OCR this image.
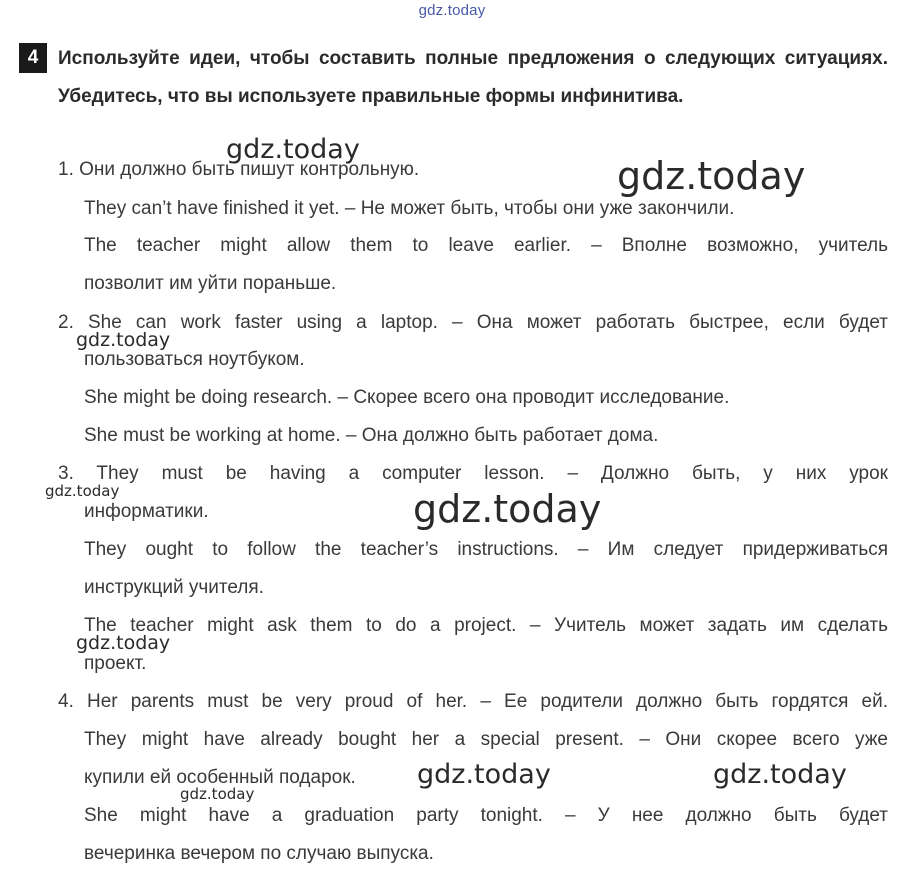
gdz.today
4	Используйте идеи, чтобы составить полные предложения о следующих ситуациях. Убедитесь, что вы используете правильные формы инфинитива.
1. Они должно быть пишут контрольную.
They can’t have finished it yet. – Не может быть, чтобы они уже закончили.
The teacher might allow them to leave earlier. – Вполне возможно, учитель
позволит им уйти пораньше.
2. She can work faster using a laptop. – Она может работать быстрее, если будет
пользоваться ноутбуком.
She might be doing research. – Скорее всего она проводит исследование.
She must be working at home. – Она должно быть работает дома.
3. They must be having a computer lesson. – Должно быть, у них урок
информатики.
They ought to follow the teacher’s instructions. – Им следует придерживаться
инструкций учителя.
The teacher might ask them to do a project. – Учитель может задать им сделать
проект.
4. Her parents must be very proud of her. – Ее родители должно быть гордятся ей.
They might have already bought her a special present. – Они скорее всего уже
купили ей особенный подарок.
She might have a graduation party tonight. – У нее должно быть будет
вечеринка вечером по случаю выпуска.
gdz.today
gdz.today
gdz.today
gdz.today	gdz.today
gdz.today
gdz.today	gdz.today
gdz.today
